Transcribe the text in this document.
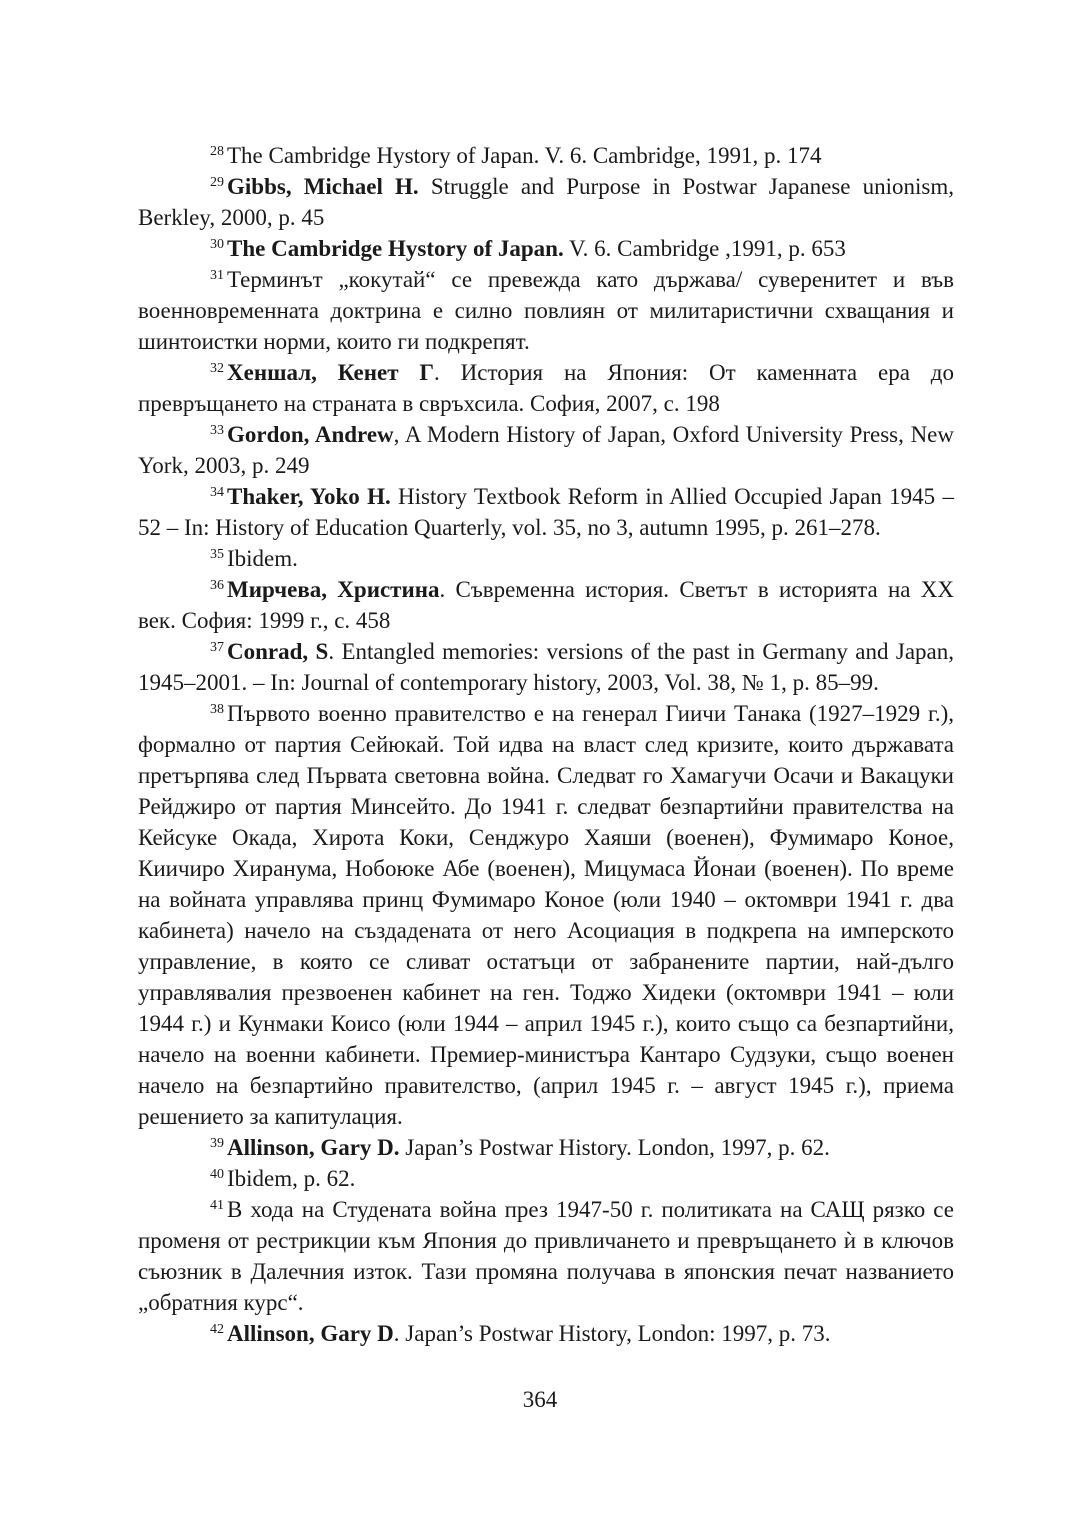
$^{28}$ The Cambridge Hystory of Japan. V. 6. Cambridge, 1991, p. 174

$^{29}$ Gibbs, Michael H. Struggle and Purpose in Postwar Japanese unionism, Berkley, 2000, p. 45

$^{30}$ The Cambridge Hystory of Japan. V. 6. Cambridge ,1991, p. 653

$^{31}$ Терминът „кокутай“ се превежда като държава/ суверенитет и във военновременната доктрина е силно повлиян от милитаристични схващания и шинтоистки норми, които ги подкрепят.

$^{32}$ Хеншал, Кенет Г. История на Япония: От каменната ера до превръщането на страната в свръхсила. София, 2007, с. 198

$^{33}$ Gordon, Andrew, A Modern History of Japan, Oxford University Press, New York, 2003, p. 249

$^{34}$ Thaker, Yoko H. History Textbook Reform in Allied Occupied Japan 1945 – 52 – In: History of Education Quarterly, vol. 35, no 3, autumn 1995, p. 261–278.

$^{35}$ Ibidem.

$^{36}$ Мирчева, Христина. Съвременна история. Светът в историята на ХХ век. София: 1999 г., с. 458

$^{37}$ Conrad, S. Entangled memories: versions of the past in Germany and Japan, 1945–2001. – In: Journal of contemporary history, 2003, Vol. 38, № 1, p. 85–99.

$^{38}$ Първото военно правителство е на генерал Гиичи Танака (1927–1929 г.), формално от партия Сейюкай. Той идва на власт след кризите, които държавата претърпява след Първата световна война. Следват го Хамагучи Осачи и Вакацуки Рейджиро от партия Минсейто. До 1941 г. следват безпартийни правителства на Кейсуке Окада, Хирота Коки, Сенджуро Хаяши (военен), Фумимаро Коное, Киичиро Хиранума, Нобоюке Абе (военен), Мицумаса Йонаи (военен). По време на войната управлява принц Фумимаро Коное (юли 1940 – октомври 1941 г. два кабинета) начело на създадената от него Асоциация в подкрепа на имперското управление, в която се сливат остатъци от забранените партии, най-дълго управлявалия презвоенен кабинет на ген. Тоджо Хидеки (октомври 1941 – юли 1944 г.) и Кунмаки Коисо (юли 1944 – април 1945 г.), които също са безпартийни, начело на военни кабинети. Премиер-министъра Кантаро Судзуки, също военен начело на безпартийно правителство, (април 1945 г. – август 1945 г.), приема решението за капитулация.

$^{39}$ Allinson, Gary D. Japan’s Postwar History. London, 1997, p. 62.

$^{40}$ Ibidem, p. 62.

$^{41}$ В хода на Студената война през 1947-50 г. политиката на САЩ рязко се променя от рестрикции към Япония до привличането и превръщането ѝ в ключов съюзник в Далечния изток. Тази промяна получава в японския печат названието „обратния курс“.

$^{42}$ Allinson, Gary D. Japan’s Postwar History, London: 1997, p. 73.

364
